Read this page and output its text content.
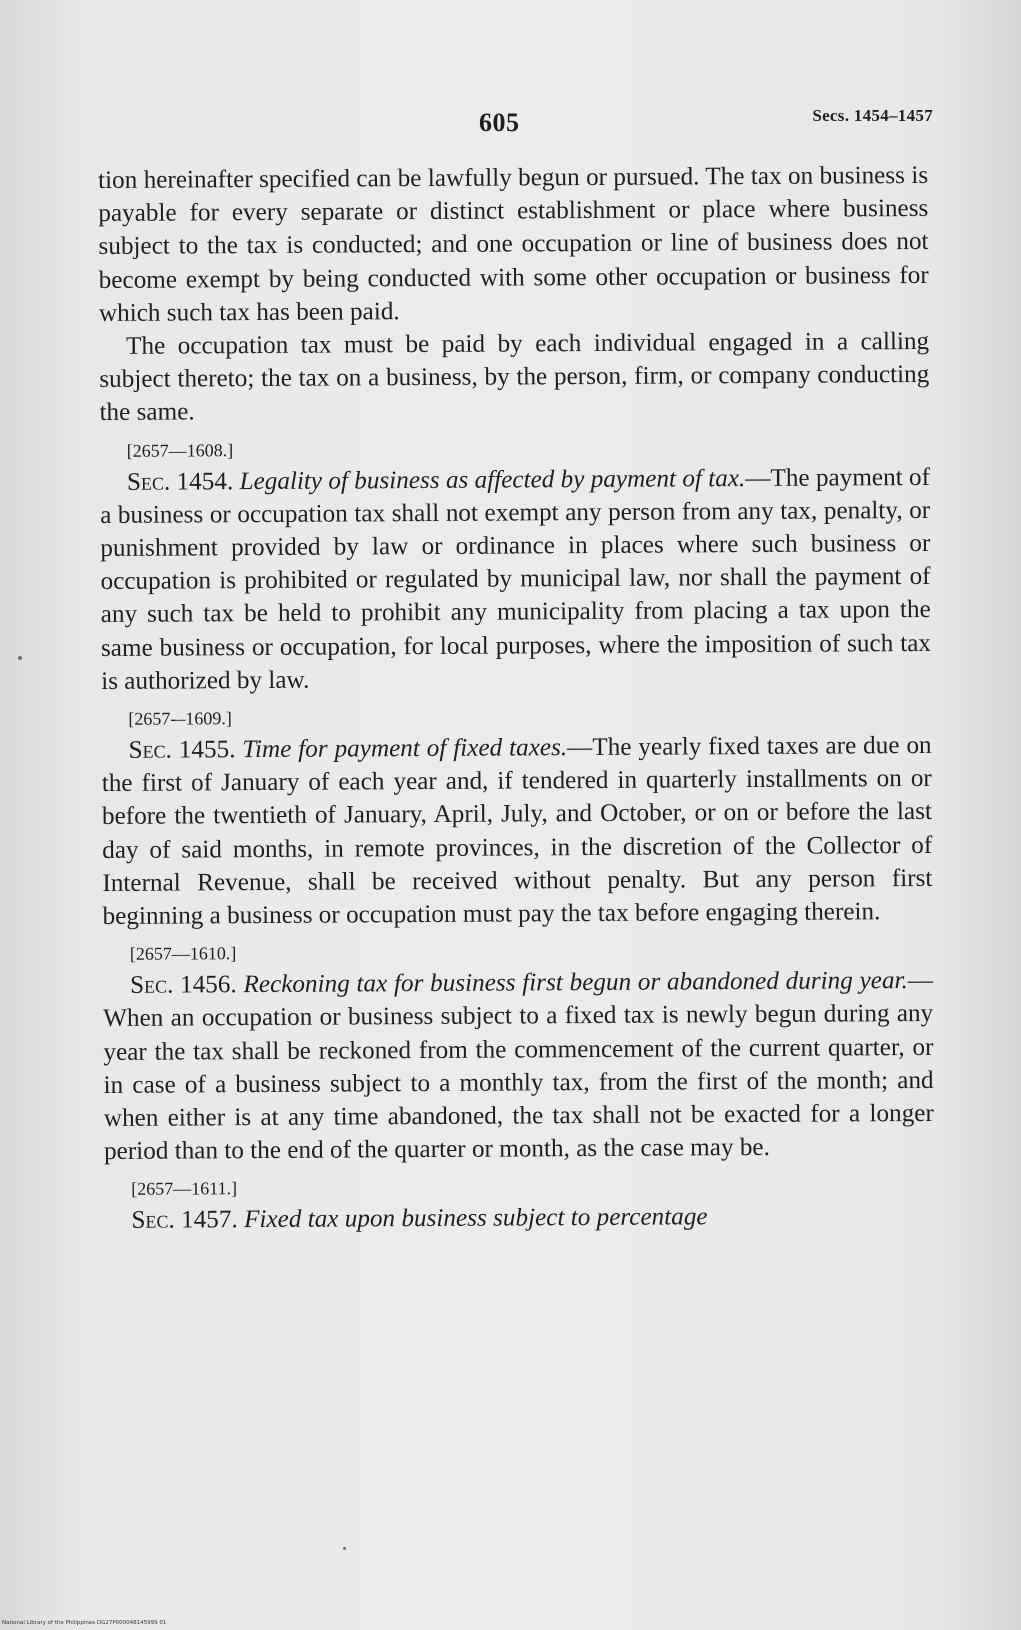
605	Secs. 1454–1457

tion hereinafter specified can be lawfully begun or pursued. The tax on business is payable for every separate or distinct establishment or place where business subject to the tax is conducted; and one occupation or line of business does not become exempt by being conducted with some other occupation or business for which such tax has been paid.

The occupation tax must be paid by each individual engaged in a calling subject thereto; the tax on a business, by the person, firm, or company conducting the same.

[2657—1608.]

Sec. 1454. Legality of business as affected by payment of tax.—The payment of a business or occupation tax shall not exempt any person from any tax, penalty, or punishment provided by law or ordinance in places where such business or occupation is prohibited or regulated by municipal law, nor shall the payment of any such tax be held to prohibit any municipality from placing a tax upon the same business or occupation, for local purposes, where the imposition of such tax is authorized by law.

[2657-–1609.]

Sec. 1455. Time for payment of fixed taxes.—The yearly fixed taxes are due on the first of January of each year and, if tendered in quarterly installments on or before the twentieth of January, April, July, and October, or on or before the last day of said months, in remote provinces, in the discretion of the Collector of Internal Revenue, shall be received without penalty. But any person first beginning a business or occupation must pay the tax before engaging therein.

[2657—1610.]

Sec. 1456. Reckoning tax for business first begun or abandoned during year.—When an occupation or business subject to a fixed tax is newly begun during any year the tax shall be reckoned from the commencement of the current quarter, or in case of a business subject to a monthly tax, from the first of the month; and when either is at any time abandoned, the tax shall not be exacted for a longer period than to the end of the quarter or month, as the case may be.

[2657—1611.]

Sec. 1457. Fixed tax upon business subject to percentage

National Library of the Philippines DG27P000048145999 01
